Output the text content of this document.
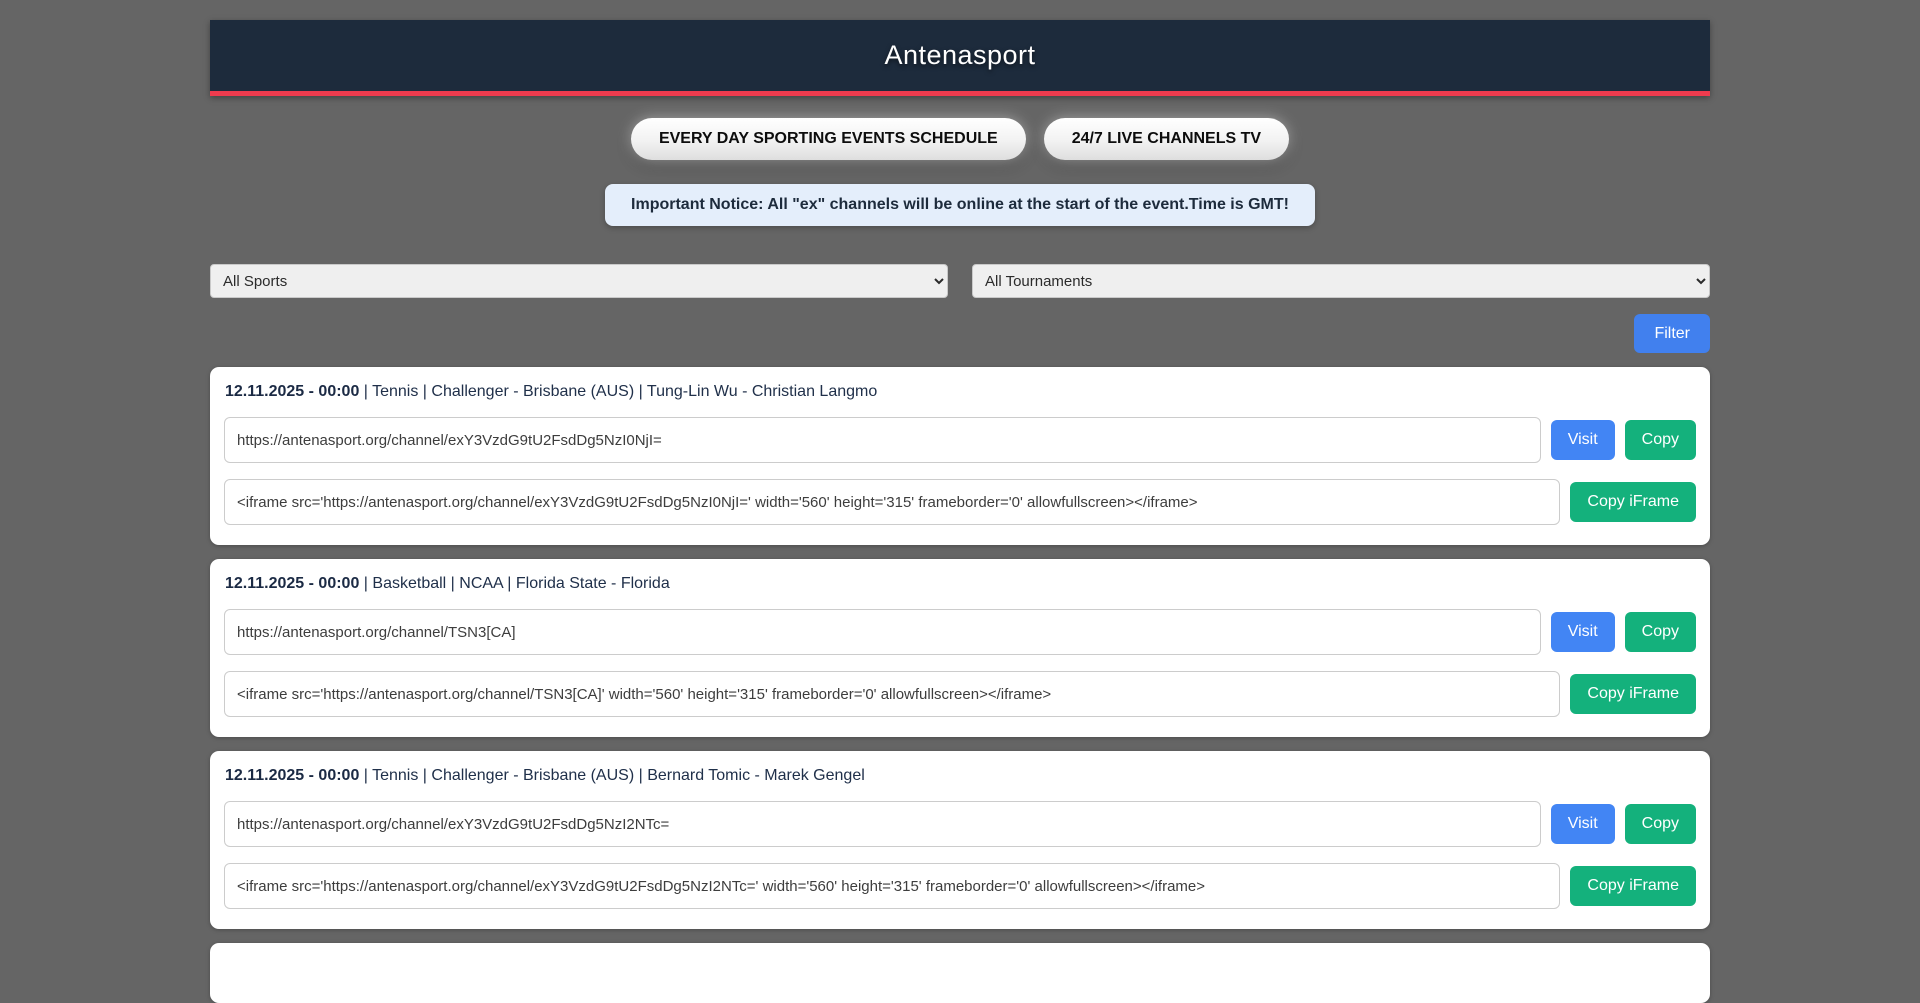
Antenasport
EVERY DAY SPORTING EVENTS SCHEDULE	24/7 LIVE CHANNELS TV
Important Notice: All "ex" channels will be online at the start of the event.Time is GMT!
All Sports
All Tournaments
Filter
12.11.2025 - 00:00 | Tennis | Challenger - Brisbane (AUS) | Tung-Lin Wu - Christian Langmo
https://antenasport.org/channel/exY3VzdG9tU2FsdDg5NzI0NjI=
Visit	Copy
<iframe src='https://antenasport.org/channel/exY3VzdG9tU2FsdDg5NzI0NjI=' width='560' height='315' frameborder='0' allowfullscreen></iframe>
Copy iFrame
12.11.2025 - 00:00 | Basketball | NCAA | Florida State - Florida
https://antenasport.org/channel/TSN3[CA]
Visit	Copy
<iframe src='https://antenasport.org/channel/TSN3[CA]' width='560' height='315' frameborder='0' allowfullscreen></iframe>
Copy iFrame
12.11.2025 - 00:00 | Tennis | Challenger - Brisbane (AUS) | Bernard Tomic - Marek Gengel
https://antenasport.org/channel/exY3VzdG9tU2FsdDg5NzI2NTc=
Visit	Copy
<iframe src='https://antenasport.org/channel/exY3VzdG9tU2FsdDg5NzI2NTc=' width='560' height='315' frameborder='0' allowfullscreen></iframe>
Copy iFrame
